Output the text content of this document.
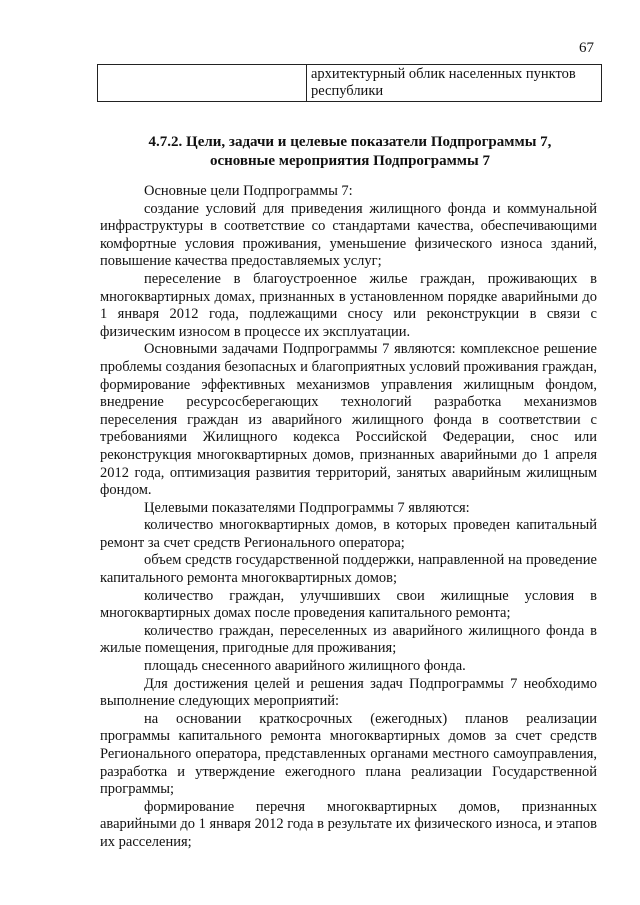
67
	архитектурный облик населенных пунктов республики
4.7.2. Цели, задачи и целевые показатели Подпрограммы 7,
основные мероприятия Подпрограммы 7

Основные цели Подпрограммы 7:

создание условий для приведения жилищного фонда и коммунальной инфраструктуры в соответствие со стандартами качества, обеспечивающими комфортные условия проживания, уменьшение физического износа зданий, повышение качества предоставляемых услуг;

переселение в благоустроенное жилье граждан, проживающих в многоквартирных домах, признанных в установленном порядке аварийными до 1 января 2012 года, подлежащими сносу или реконструкции в связи с физическим износом в процессе их эксплуатации.

Основными задачами Подпрограммы 7 являются: комплексное решение проблемы создания безопасных и благоприятных условий проживания граждан, формирование эффективных механизмов управления жилищным фондом, внедрение ресурсосберегающих технологий разработка механизмов переселения граждан из аварийного жилищного фонда в соответствии с требованиями Жилищного кодекса Российской Федерации, снос или реконструкция многоквартирных домов, признанных аварийными до 1 апреля 2012 года, оптимизация развития территорий, занятых аварийным жилищным фондом.

Целевыми показателями Подпрограммы 7 являются:

количество многоквартирных домов, в которых проведен капитальный ремонт за счет средств Регионального оператора;

объем средств государственной поддержки, направленной на проведение капитального ремонта многоквартирных домов;

количество граждан, улучшивших свои жилищные условия в многоквартирных домах после проведения капитального ремонта;

количество граждан, переселенных из аварийного жилищного фонда в жилые помещения, пригодные для проживания;

площадь снесенного аварийного жилищного фонда.

Для достижения целей и решения задач Подпрограммы 7 необходимо выполнение следующих мероприятий:

на основании краткосрочных (ежегодных) планов реализации программы капитального ремонта многоквартирных домов за счет средств Регионального оператора, представленных органами местного самоуправления, разработка и утверждение ежегодного плана реализации Государственной программы;

формирование перечня многоквартирных домов, признанных аварийными до 1 января 2012 года в результате их физического износа, и этапов их расселения;
